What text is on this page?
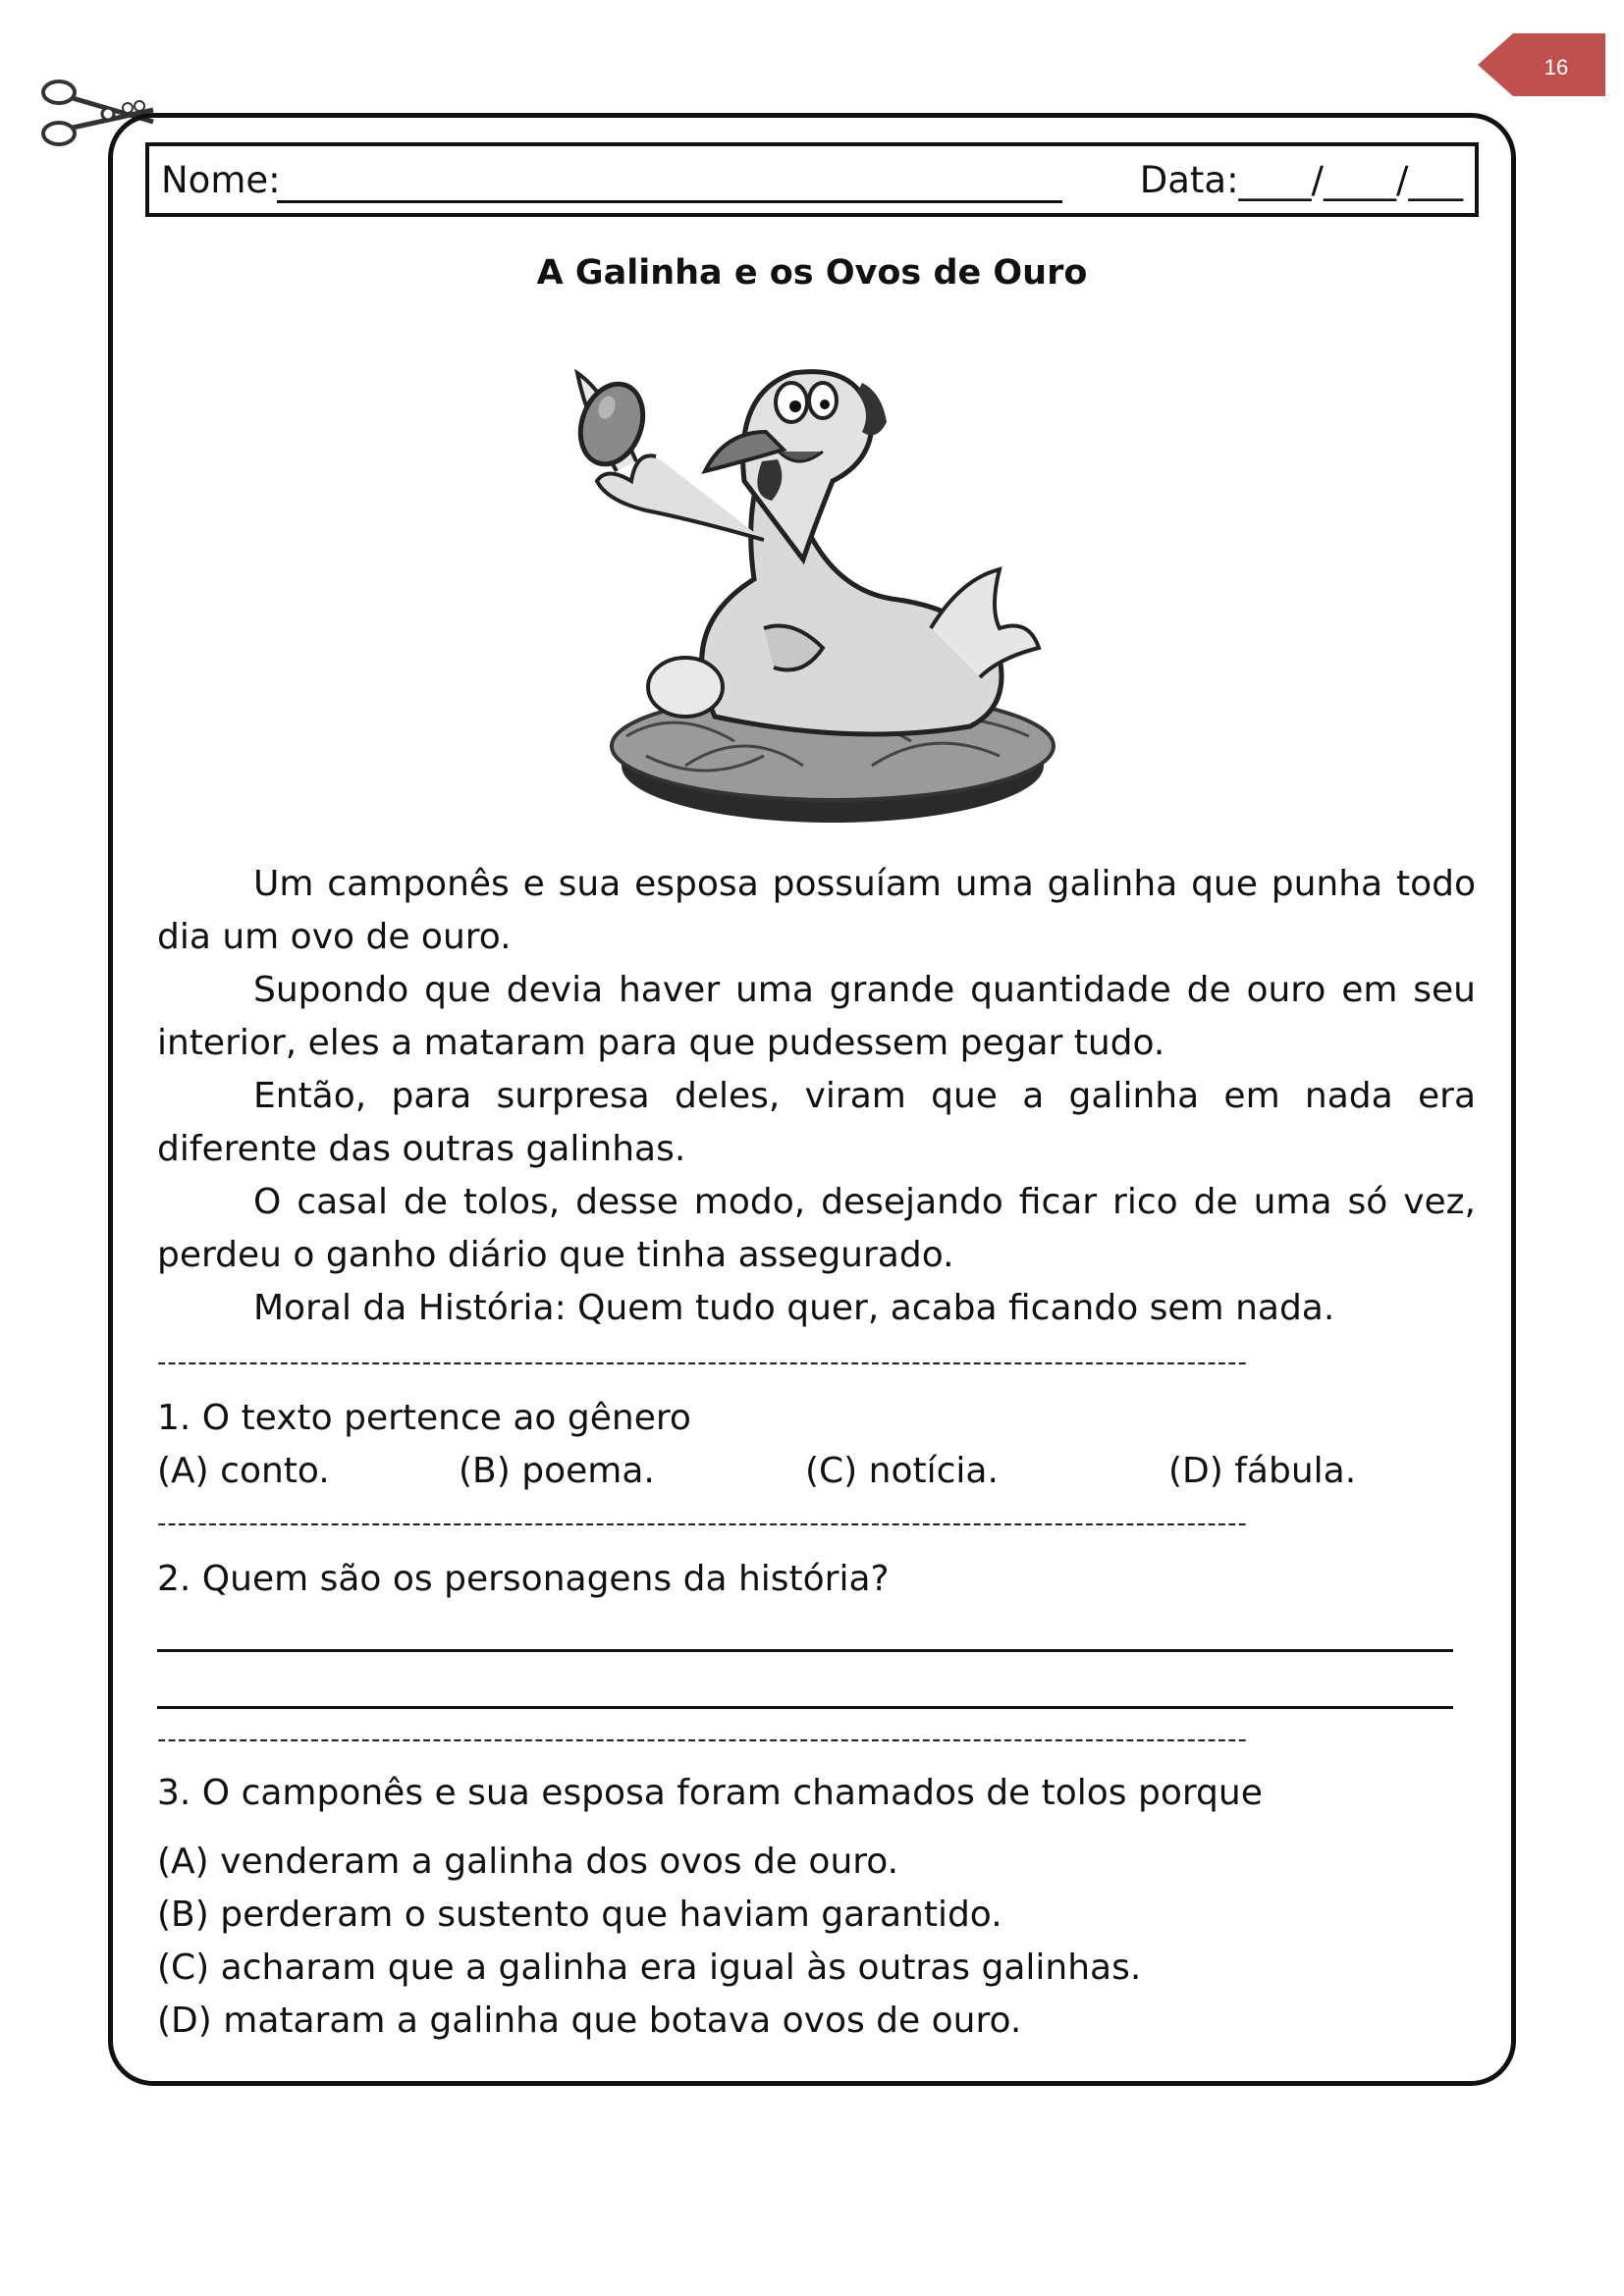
16
Nome:	Data:____/____/___
A Galinha e os Ovos de Ouro

Um camponês e sua esposa possuíam uma galinha que punha todo dia um ovo de ouro.

Supondo que devia haver uma grande quantidade de ouro em seu interior, eles a mataram para que pudessem pegar tudo.

Então, para surpresa deles, viram que a galinha em nada era diferente das outras galinhas.

O casal de tolos, desse modo, desejando ficar rico de uma só vez, perdeu o ganho diário que tinha assegurado.

Moral da História: Quem tudo quer, acaba ficando sem nada.

-----------------------------------------------------------------------------------------------------------
1. O texto pertence ao gênero
(A) conto.	(B) poema.	(C) notícia.	(D) fábula.
-----------------------------------------------------------------------------------------------------------
2. Quem são os personagens da história?
-----------------------------------------------------------------------------------------------------------
3. O camponês e sua esposa foram chamados de tolos porque
(A) venderam a galinha dos ovos de ouro.
(B) perderam o sustento que haviam garantido.
(C) acharam que a galinha era igual às outras galinhas.
(D) mataram a galinha que botava ovos de ouro.
